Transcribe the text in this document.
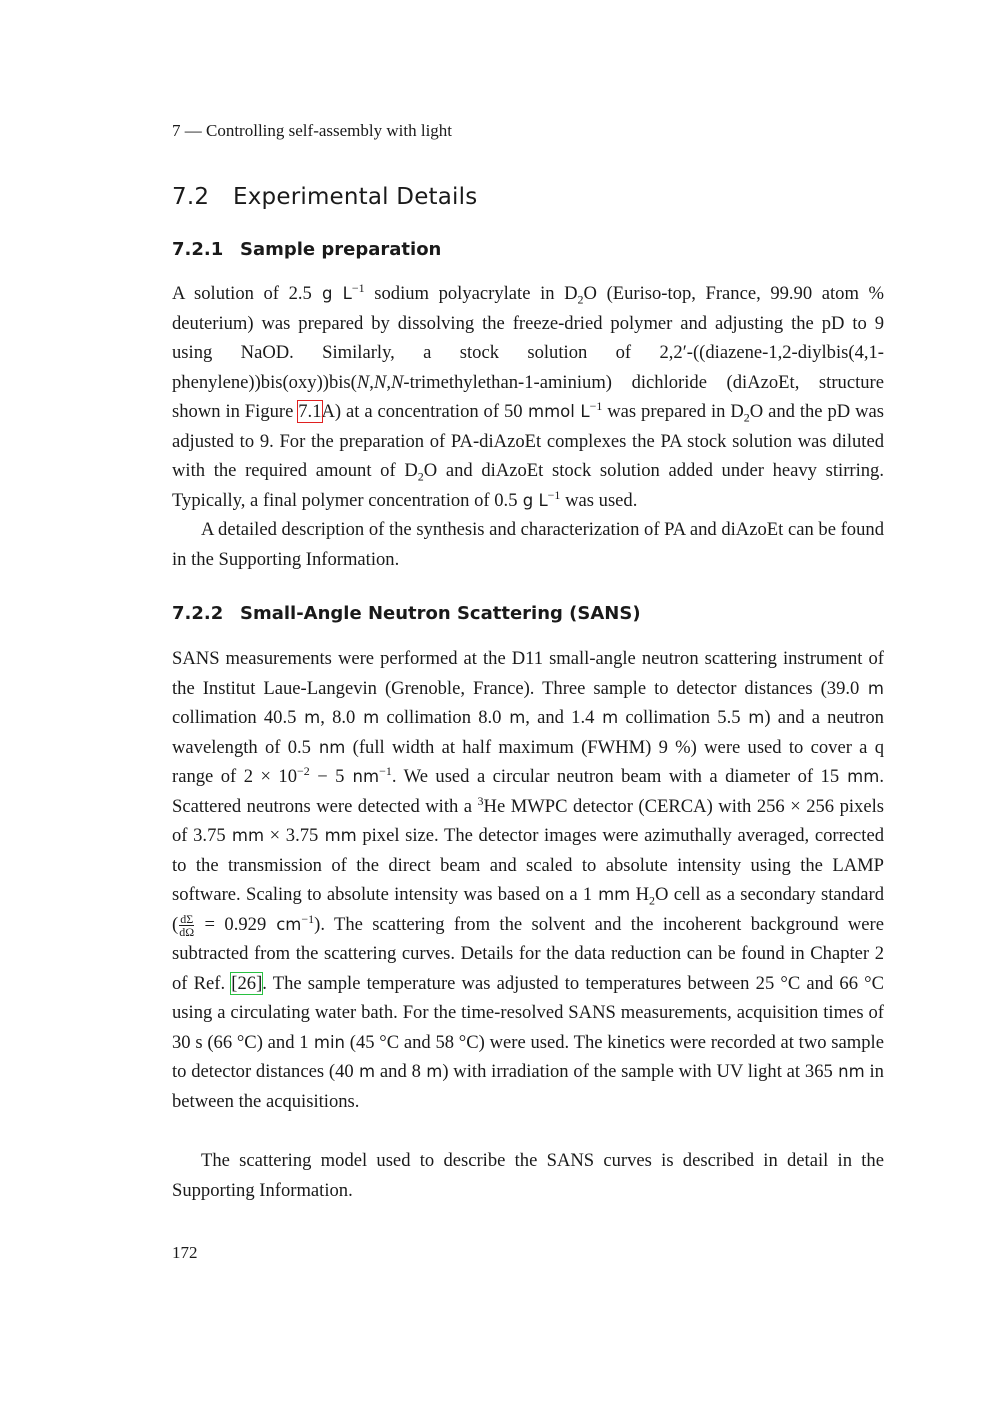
7 — Controlling self-assembly with light
7.2 Experimental Details
7.2.1 Sample preparation

A solution of 2.5 g $L^{-1}$ sodium polyacrylate in $D_2O$ (Euriso-top, France, 99.90 atom % deuterium) was prepared by dissolving the freeze-dried polymer and adjusting the pD to 9 using NaOD. Similarly, a stock solution of 2,2′-((diazene-1,2-diylbis(4,1-phenylene))bis(oxy))bis(N,N,N-trimethylethan-1-aminium) dichloride (diAzoEt, structure shown in Figure 7.1A) at a concentration of 50 mmol $L^{-1}$ was prepared in $D_2O$ and the pD was adjusted to 9. For the preparation of PA-diAzoEt complexes the PA stock solution was diluted with the required amount of $D_2O$ and diAzoEt stock solution added under heavy stirring. Typically, a final polymer concentration of 0.5 g $L^{-1}$ was used.

A detailed description of the synthesis and characterization of PA and diAzoEt can be found in the Supporting Information.

7.2.2 Small-Angle Neutron Scattering (SANS)

SANS measurements were performed at the D11 small-angle neutron scattering instrument of the Institut Laue-Langevin (Grenoble, France). Three sample to detector distances (39.0 m collimation 40.5 m, 8.0 m collimation 8.0 m, and 1.4 m collimation 5.5 m) and a neutron wavelength of 0.5 nm (full width at half maximum (FWHM) 9 %) were used to cover a q range of $2 \times 10^{-2} - 5$ $nm^{-1}$. We used a circular neutron beam with a diameter of 15 mm. Scattered neutrons were detected with a $^3$He MWPC detector (CERCA) with 256 × 256 pixels of 3.75 mm × 3.75 mm pixel size. The detector images were azimuthally averaged, corrected to the transmission of the direct beam and scaled to absolute intensity using the LAMP software. Scaling to absolute intensity was based on a 1 mm $H_2O$ cell as a secondary standard ( $\frac{d\Sigma}{d\Omega} = 0.929$ $cm^{-1}$). The scattering from the solvent and the incoherent background were subtracted from the scattering curves. Details for the data reduction can be found in Chapter 2 of Ref. [26]. The sample temperature was adjusted to temperatures between 25 °C and 66 °C using a circulating water bath. For the time-resolved SANS measurements, acquisition times of 30 s (66 °C) and 1 min (45 °C and 58 °C) were used. The kinetics were recorded at two sample to detector distances (40 m and 8 m) with irradiation of the sample with UV light at 365 nm in between the acquisitions.

The scattering model used to describe the SANS curves is described in detail in the Supporting Information.

172
